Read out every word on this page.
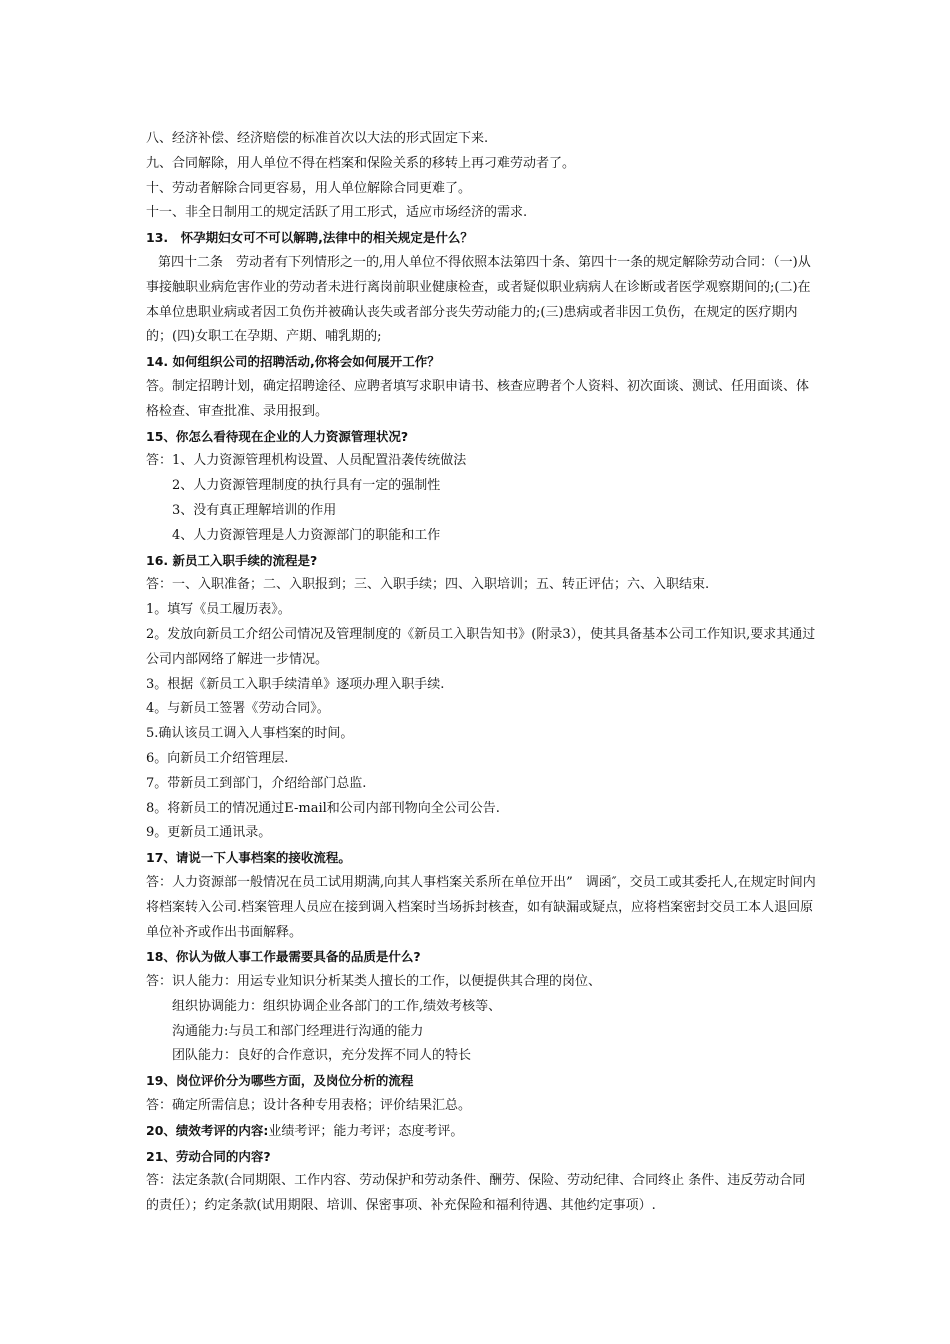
八、经济补偿、经济赔偿的标准首次以大法的形式固定下来.

九、合同解除，用人单位不得在档案和保险关系的移转上再刁难劳动者了。

十、劳动者解除合同更容易，用人单位解除合同更难了。

十一、非全日制用工的规定活跃了用工形式，适应市场经济的需求.

13.　怀孕期妇女可不可以解聘,法律中的相关规定是什么？

第四十二条　劳动者有下列情形之一的,用人单位不得依照本法第四十条、第四十一条的规定解除劳动合同：（一)从事接触职业病危害作业的劳动者未进行离岗前职业健康检查，或者疑似职业病病人在诊断或者医学观察期间的;(二)在本单位患职业病或者因工负伤并被确认丧失或者部分丧失劳动能力的;(三)患病或者非因工负伤，在规定的医疗期内的；(四)女职工在孕期、产期、哺乳期的;

14. 如何组织公司的招聘活动,你将会如何展开工作？

答。制定招聘计划，确定招聘途径、应聘者填写求职申请书、核查应聘者个人资料、初次面谈、测试、任用面谈、体格检查、审查批准、录用报到。

15、你怎么看待现在企业的人力资源管理状况?

答：1、人力资源管理机构设置、人员配置沿袭传统做法

2、人力资源管理制度的执行具有一定的强制性

3、没有真正理解培训的作用

4、人力资源管理是人力资源部门的职能和工作

16. 新员工入职手续的流程是?

答：一、入职准备；二、入职报到；三、入职手续；四、入职培训；五、转正评估；六、入职结束.

1。填写《员工履历表》。

2。发放向新员工介绍公司情况及管理制度的《新员工入职告知书》(附录3），使其具备基本公司工作知识,要求其通过公司内部网络了解进一步情况。

3。根据《新员工入职手续清单》逐项办理入职手续.

4。与新员工签署《劳动合同》。

5.确认该员工调入人事档案的时间。

6。向新员工介绍管理层.

7。带新员工到部门，介绍给部门总监.

8。将新员工的情况通过E-mail和公司内部刊物向全公司公告.

9。更新员工通讯录。

17、请说一下人事档案的接收流程。

答：人力资源部一般情况在员工试用期满,向其人事档案关系所在单位开出”　调函″，交员工或其委托人,在规定时间内将档案转入公司.档案管理人员应在接到调入档案时当场拆封核查，如有缺漏或疑点，应将档案密封交员工本人退回原单位补齐或作出书面解释。

18、你认为做人事工作最需要具备的品质是什么?

答：识人能力：用运专业知识分析某类人擅长的工作，以便提供其合理的岗位、

组织协调能力：组织协调企业各部门的工作,绩效考核等、

沟通能力:与员工和部门经理进行沟通的能力

团队能力：良好的合作意识，充分发挥不同人的特长

19、岗位评价分为哪些方面，及岗位分析的流程

答：确定所需信息；设计各种专用表格；评价结果汇总。

20、绩效考评的内容:业绩考评；能力考评；态度考评。

21、劳动合同的内容?

答：法定条款(合同期限、工作内容、劳动保护和劳动条件、酬劳、保险、劳动纪律、合同终止 条件、违反劳动合同的责任）；约定条款(试用期限、培训、保密事项、补充保险和福利待遇、其他约定事项）.
